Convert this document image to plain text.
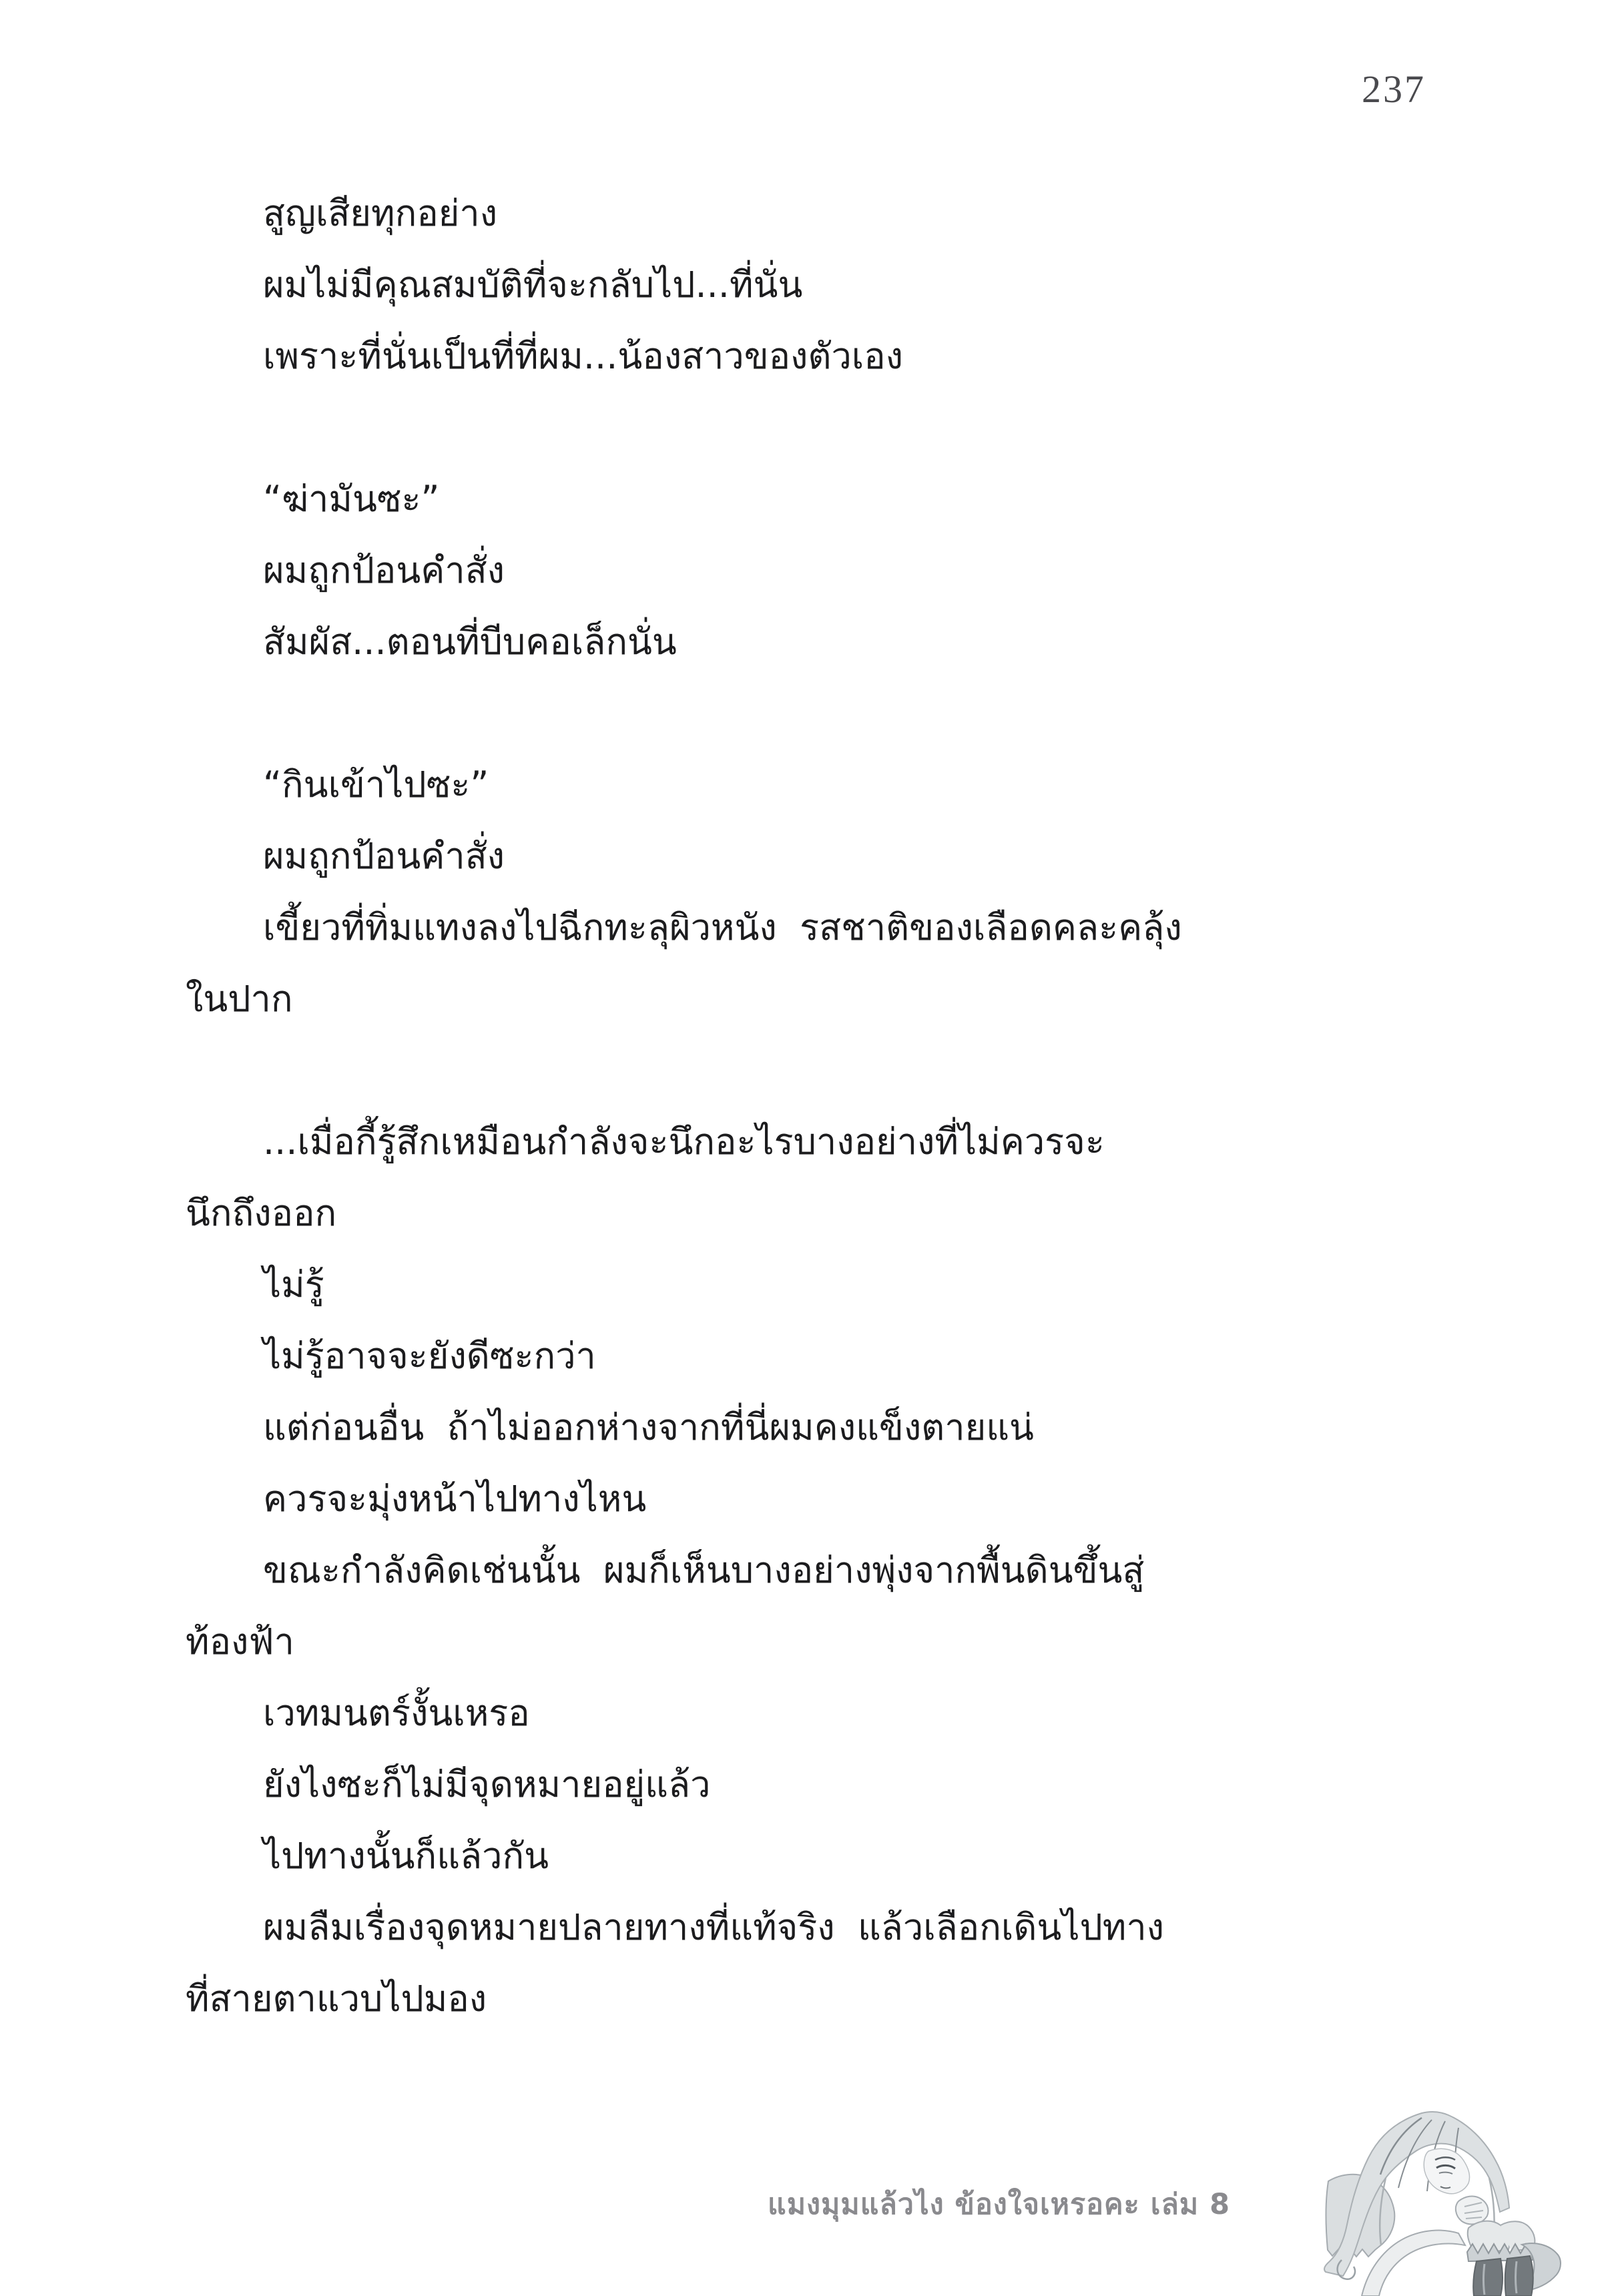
237
สูญเสียทุกอย่าง
ผมไม่มีคุณสมบัติที่จะกลับไป...ที่นั่น
เพราะที่นั่นเป็นที่ที่ผม...น้องสาวของตัวเอง
“ฆ่ามันซะ”
ผมถูกป้อนคำสั่ง
สัมผัส...ตอนที่บีบคอเล็กนั่น
“กินเข้าไปซะ”
ผมถูกป้อนคำสั่ง
เขี้ยวที่ทิ่มแทงลงไปฉีกทะลุผิวหนัง  รสชาติของเลือดคละคลุ้ง
ในปาก
...เมื่อกี้รู้สึกเหมือนกำลังจะนึกอะไรบางอย่างที่ไม่ควรจะ
นึกถึงออก
ไม่รู้
ไม่รู้อาจจะยังดีซะกว่า
แต่ก่อนอื่น  ถ้าไม่ออกห่างจากที่นี่ผมคงแข็งตายแน่
ควรจะมุ่งหน้าไปทางไหน
ขณะกำลังคิดเช่นนั้น  ผมก็เห็นบางอย่างพุ่งจากพื้นดินขึ้นสู่
ท้องฟ้า
เวทมนตร์งั้นเหรอ
ยังไงซะก็ไม่มีจุดหมายอยู่แล้ว
ไปทางนั้นก็แล้วกัน
ผมลืมเรื่องจุดหมายปลายทางที่แท้จริง  แล้วเลือกเดินไปทาง
ที่สายตาแวบไปมอง
แมงมุมแล้วไง ข้องใจเหรอคะ เล่ม 8
